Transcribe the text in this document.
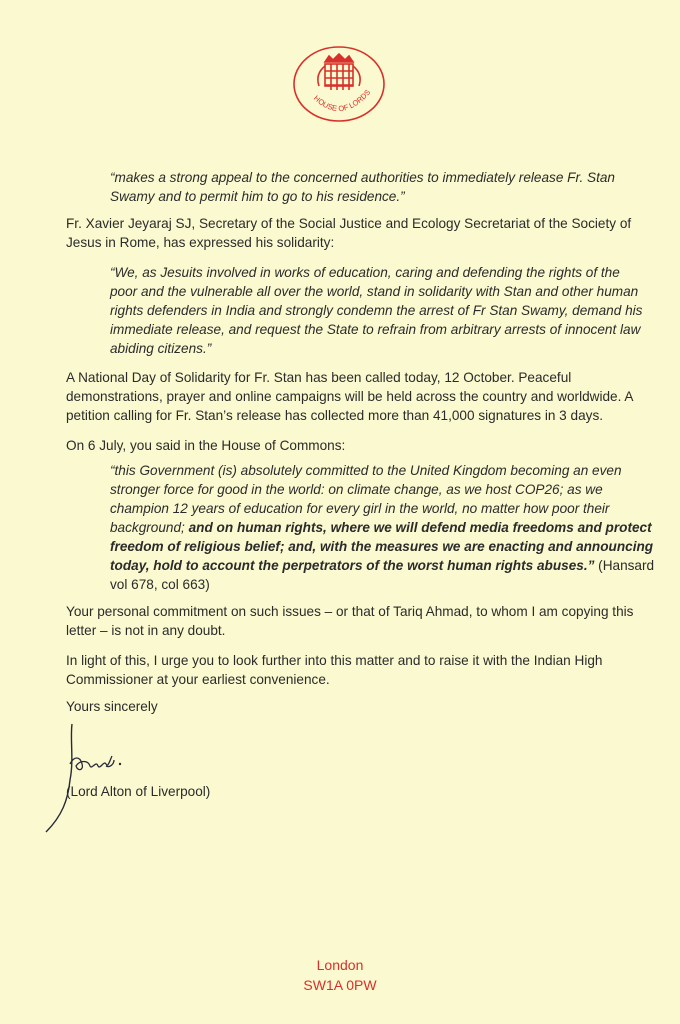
HOUSE OF LORDS
“makes a strong appeal to the concerned authorities to immediately release Fr. Stan Swamy and to permit him to go to his residence.”
Fr. Xavier Jeyaraj SJ, Secretary of the Social Justice and Ecology Secretariat of the Society of Jesus in Rome, has expressed his solidarity:
“We, as Jesuits involved in works of education, caring and defending the rights of the poor and the vulnerable all over the world, stand in solidarity with Stan and other human rights defenders in India and strongly condemn the arrest of Fr Stan Swamy, demand his immediate release, and request the State to refrain from arbitrary arrests of innocent law abiding citizens.”
A National Day of Solidarity for Fr. Stan has been called today, 12 October. Peaceful demonstrations, prayer and online campaigns will be held across the country and worldwide. A petition calling for Fr. Stan’s release has collected more than 41,000 signatures in 3 days.
On 6 July, you said in the House of Commons:
“this Government (is) absolutely committed to the United Kingdom becoming an even stronger force for good in the world: on climate change, as we host COP26; as we champion 12 years of education for every girl in the world, no matter how poor their background; and on human rights, where we will defend media freedoms and protect freedom of religious belief; and, with the measures we are enacting and announcing today, hold to account the perpetrators of the worst human rights abuses.” (Hansard vol 678, col 663)
Your personal commitment on such issues – or that of Tariq Ahmad, to whom I am copying this letter – is not in any doubt.
In light of this, I urge you to look further into this matter and to raise it with the Indian High Commissioner at your earliest convenience.
Yours sincerely
(Lord Alton of Liverpool)
London
SW1A 0PW
